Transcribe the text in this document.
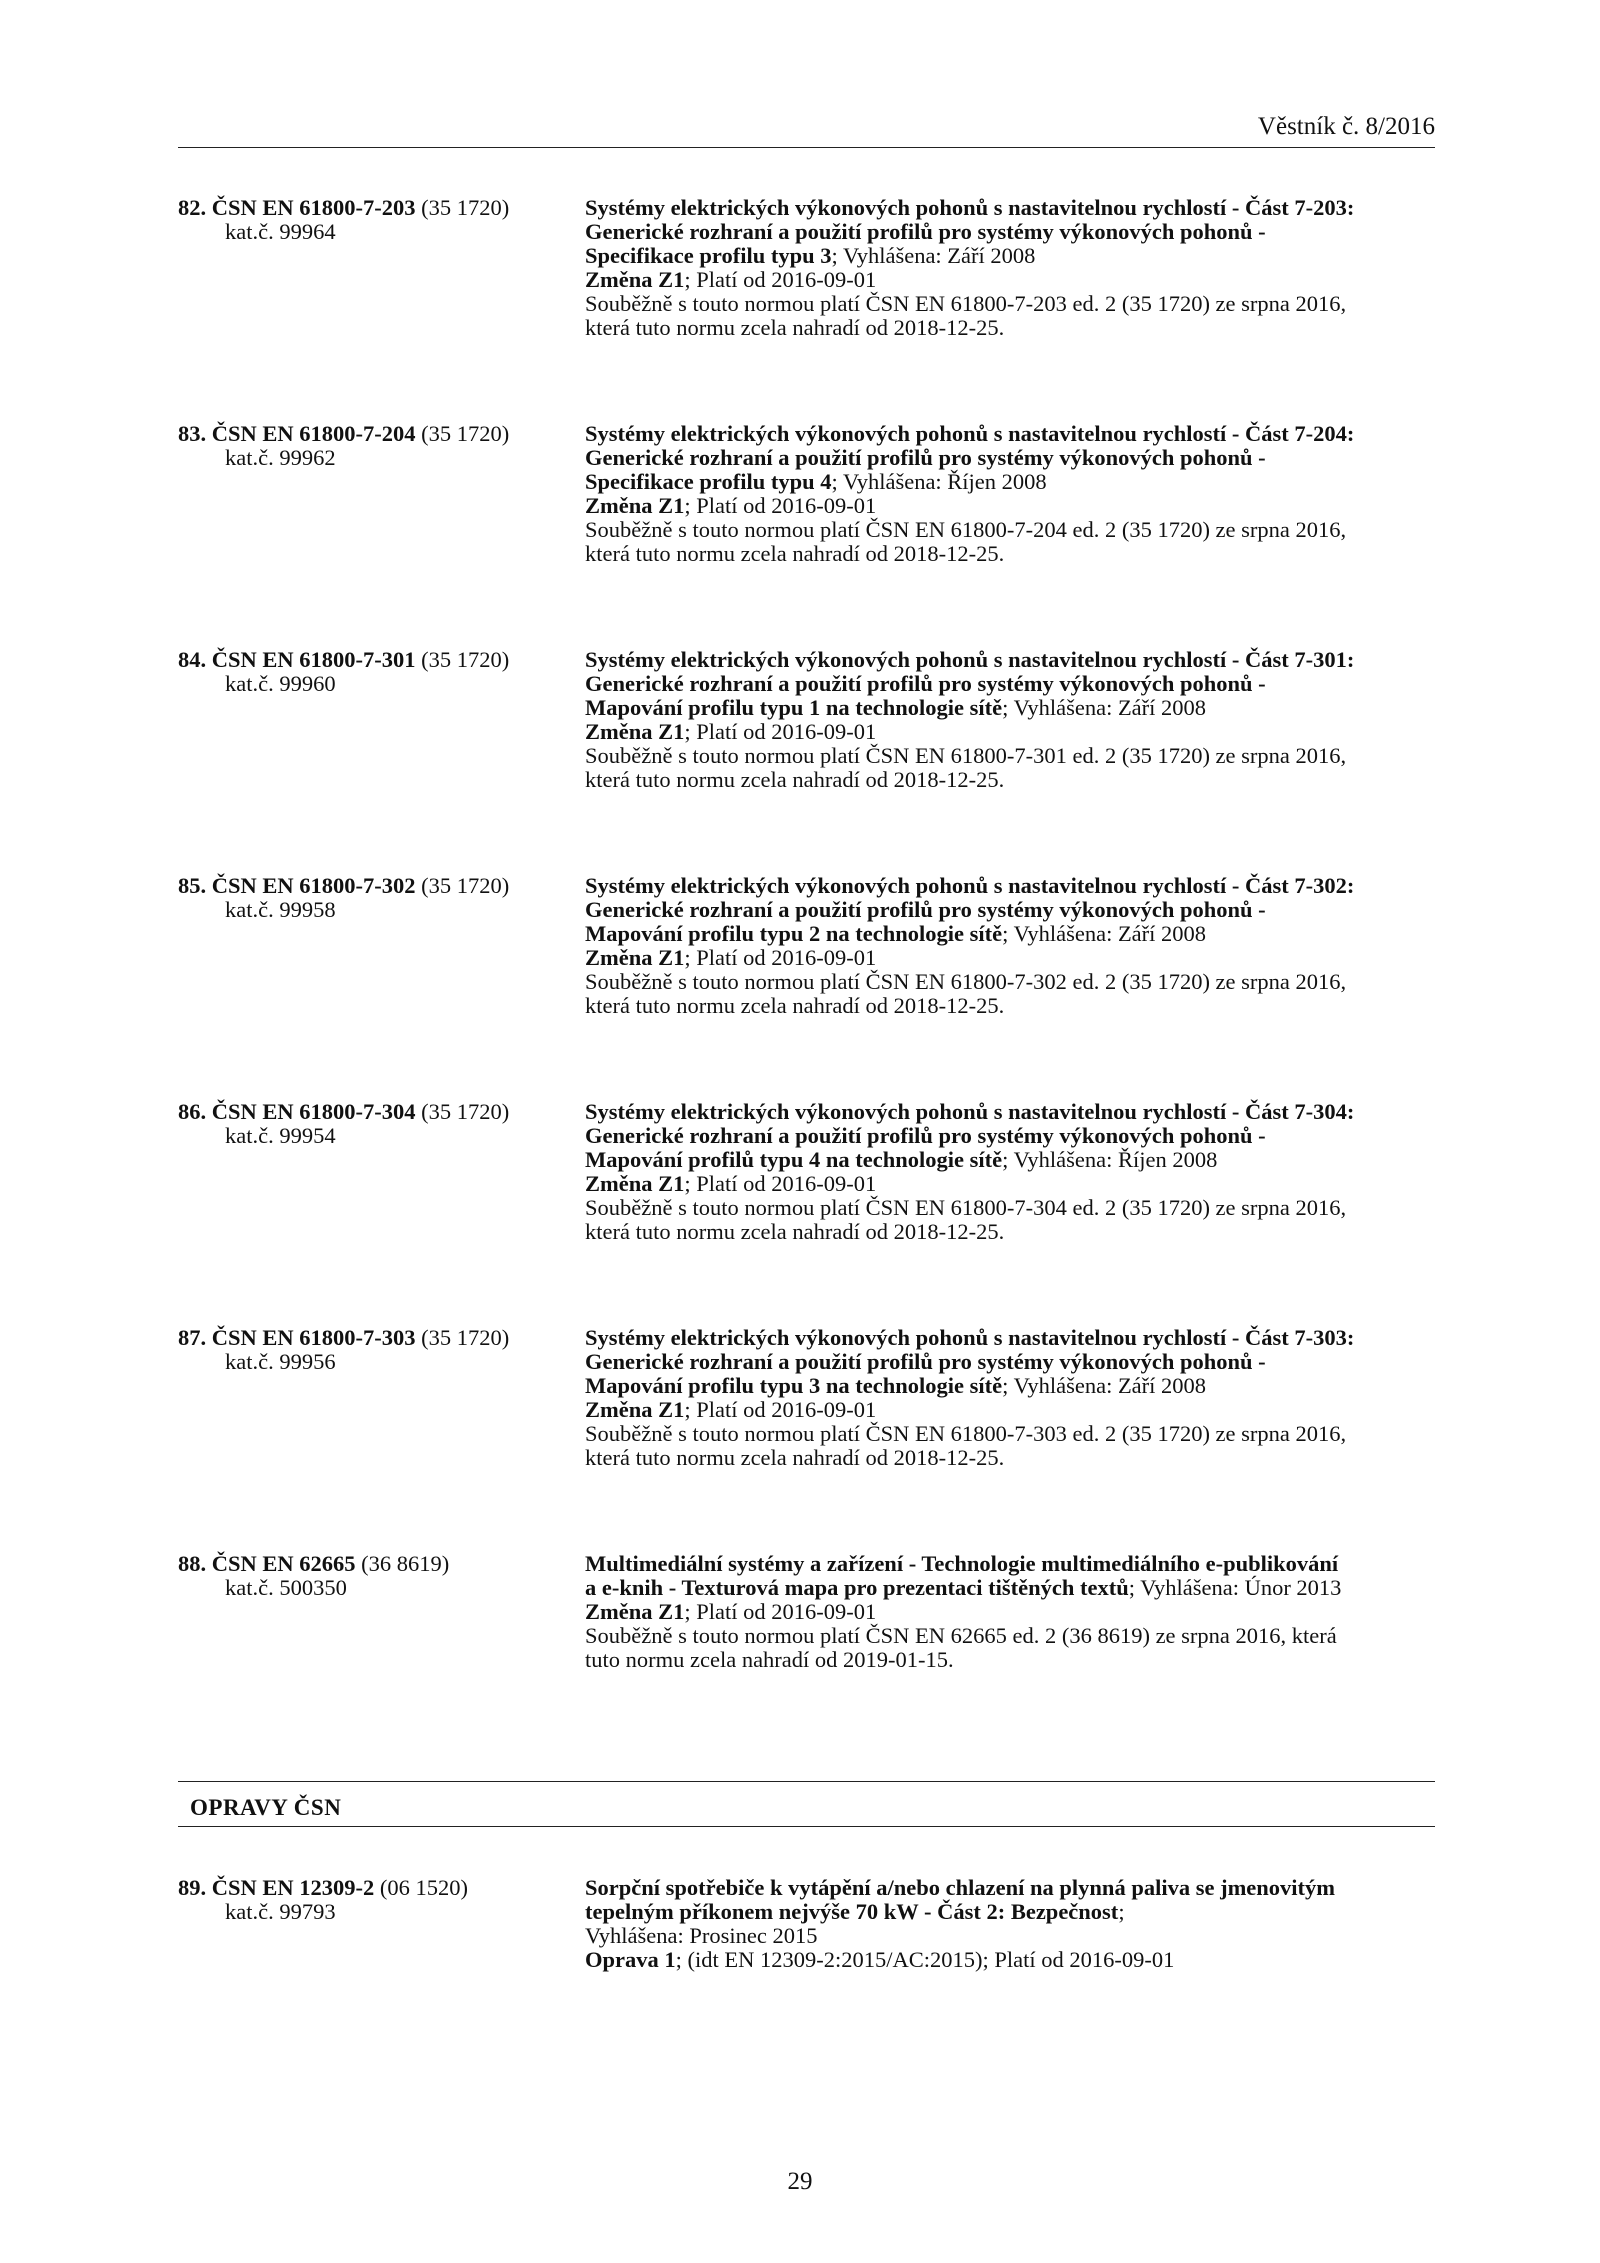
Věstník č. 8/2016
82. ČSN EN 61800-7-203 (35 1720)
kat.č. 99964
Systémy elektrických výkonových pohonů s nastavitelnou rychlostí - Část 7-203:
Generické rozhraní a použití profilů pro systémy výkonových pohonů -
Specifikace profilu typu 3; Vyhlášena: Září 2008
Změna Z1; Platí od 2016-09-01
Souběžně s touto normou platí ČSN EN 61800-7-203 ed. 2 (35 1720) ze srpna 2016,
která tuto normu zcela nahradí od 2018-12-25.
83. ČSN EN 61800-7-204 (35 1720)
kat.č. 99962
Systémy elektrických výkonových pohonů s nastavitelnou rychlostí - Část 7-204:
Generické rozhraní a použití profilů pro systémy výkonových pohonů -
Specifikace profilu typu 4; Vyhlášena: Říjen 2008
Změna Z1; Platí od 2016-09-01
Souběžně s touto normou platí ČSN EN 61800-7-204 ed. 2 (35 1720) ze srpna 2016,
která tuto normu zcela nahradí od 2018-12-25.
84. ČSN EN 61800-7-301 (35 1720)
kat.č. 99960
Systémy elektrických výkonových pohonů s nastavitelnou rychlostí - Část 7-301:
Generické rozhraní a použití profilů pro systémy výkonových pohonů -
Mapování profilu typu 1 na technologie sítě; Vyhlášena: Září 2008
Změna Z1; Platí od 2016-09-01
Souběžně s touto normou platí ČSN EN 61800-7-301 ed. 2 (35 1720) ze srpna 2016,
která tuto normu zcela nahradí od 2018-12-25.
85. ČSN EN 61800-7-302 (35 1720)
kat.č. 99958
Systémy elektrických výkonových pohonů s nastavitelnou rychlostí - Část 7-302:
Generické rozhraní a použití profilů pro systémy výkonových pohonů -
Mapování profilu typu 2 na technologie sítě; Vyhlášena: Září 2008
Změna Z1; Platí od 2016-09-01
Souběžně s touto normou platí ČSN EN 61800-7-302 ed. 2 (35 1720) ze srpna 2016,
která tuto normu zcela nahradí od 2018-12-25.
86. ČSN EN 61800-7-304 (35 1720)
kat.č. 99954
Systémy elektrických výkonových pohonů s nastavitelnou rychlostí - Část 7-304:
Generické rozhraní a použití profilů pro systémy výkonových pohonů -
Mapování profilů typu 4 na technologie sítě; Vyhlášena: Říjen 2008
Změna Z1; Platí od 2016-09-01
Souběžně s touto normou platí ČSN EN 61800-7-304 ed. 2 (35 1720) ze srpna 2016,
která tuto normu zcela nahradí od 2018-12-25.
87. ČSN EN 61800-7-303 (35 1720)
kat.č. 99956
Systémy elektrických výkonových pohonů s nastavitelnou rychlostí - Část 7-303:
Generické rozhraní a použití profilů pro systémy výkonových pohonů -
Mapování profilu typu 3 na technologie sítě; Vyhlášena: Září 2008
Změna Z1; Platí od 2016-09-01
Souběžně s touto normou platí ČSN EN 61800-7-303 ed. 2 (35 1720) ze srpna 2016,
která tuto normu zcela nahradí od 2018-12-25.
88. ČSN EN 62665 (36 8619)
kat.č. 500350
Multimediální systémy a zařízení - Technologie multimediálního e-publikování
a e-knih - Texturová mapa pro prezentaci tištěných textů; Vyhlášena: Únor 2013
Změna Z1; Platí od 2016-09-01
Souběžně s touto normou platí ČSN EN 62665 ed. 2 (36 8619) ze srpna 2016, která
tuto normu zcela nahradí od 2019-01-15.
OPRAVY ČSN
89. ČSN EN 12309-2 (06 1520)
kat.č. 99793
Sorpční spotřebiče k vytápění a/nebo chlazení na plynná paliva se jmenovitým
tepelným příkonem nejvýše 70 kW - Část 2: Bezpečnost;
Vyhlášena: Prosinec 2015
Oprava 1; (idt EN 12309-2:2015/AC:2015); Platí od 2016-09-01
29
